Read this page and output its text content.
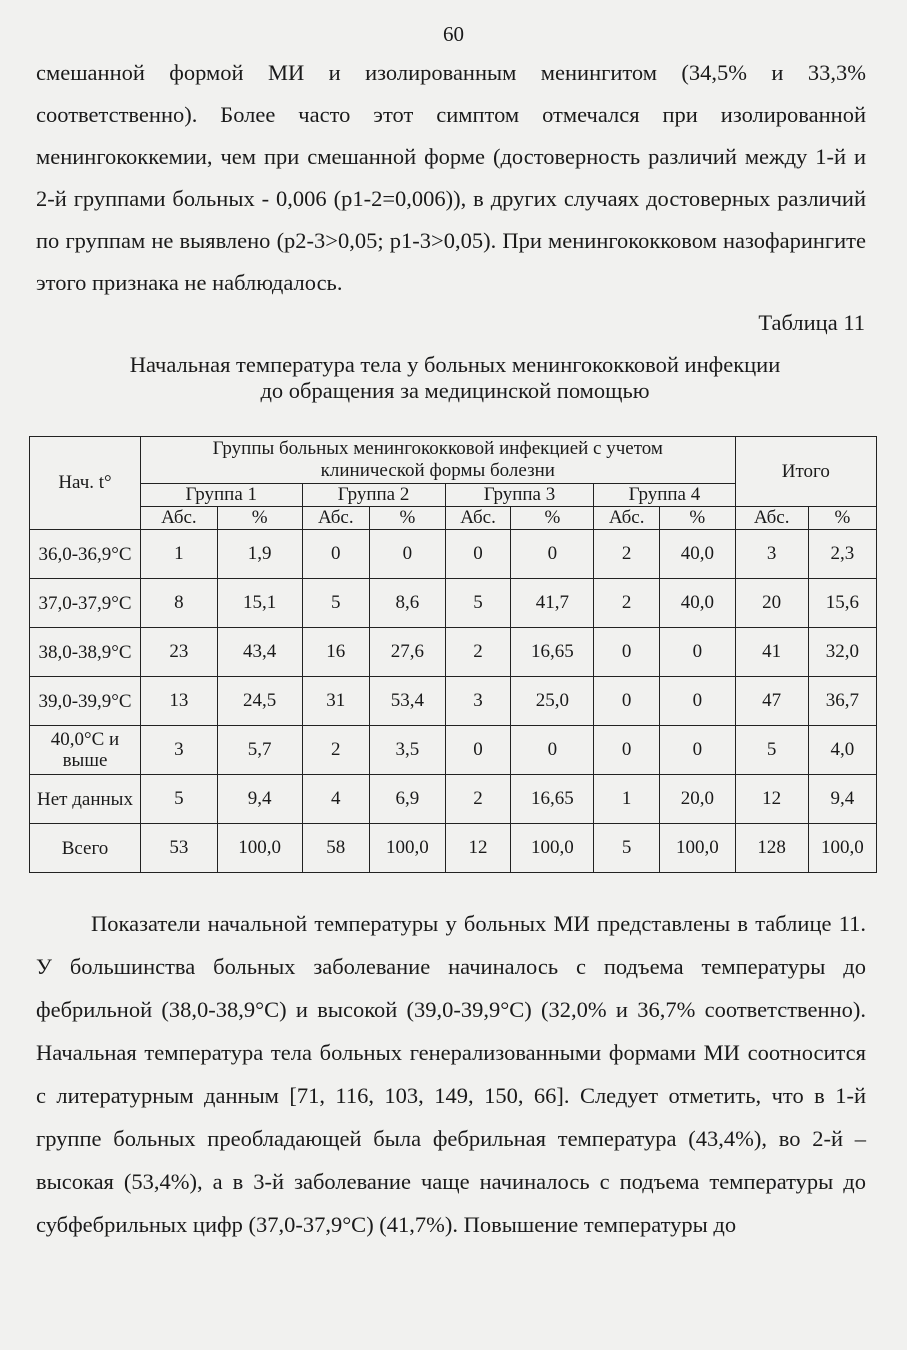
60

смешанной формой МИ и изолированным менингитом (34,5% и 33,3% соответственно). Более часто этот симптом отмечался при изолированной менингококкемии, чем при смешанной форме (достоверность различий между 1-й и 2-й группами больных - 0,006 (p1-2=0,006)), в других случаях достоверных различий по группам не выявлено (p2-3>0,05; p1-3>0,05). При менингококковом назофарингите этого признака не наблюдалось.

Таблица 11
Начальная температура тела у больных менингококковой инфекции
до обращения за медицинской помощью
Нач. t°	Группы больных менингококковой инфекцией с учетом клинической формы болезни								Итого	
	Группа 1		Группа 2		Группа 3		Группа 4			
	Абс.	%	Абс.	%	Абс.	%	Абс.	%	Абс.	%
36,0-36,9°С	1	1,9	0	0	0	0	2	40,0	3	2,3
37,0-37,9°С	8	15,1	5	8,6	5	41,7	2	40,0	20	15,6
38,0-38,9°С	23	43,4	16	27,6	2	16,65	0	0	41	32,0
39,0-39,9°С	13	24,5	31	53,4	3	25,0	0	0	47	36,7
40,0°С и выше	3	5,7	2	3,5	0	0	0	0	5	4,0
Нет данных	5	9,4	4	6,9	2	16,65	1	20,0	12	9,4
Всего	53	100,0	58	100,0	12	100,0	5	100,0	128	100,0

Показатели начальной температуры у больных МИ представлены в таблице 11. У большинства больных заболевание начиналось с подъема температуры до фебрильной (38,0-38,9°С) и высокой (39,0-39,9°С) (32,0% и 36,7% соответственно). Начальная температура тела больных генерализованными формами МИ соотносится с литературным данным [71, 116, 103, 149, 150, 66]. Следует отметить, что в 1-й группе больных преобладающей была фебрильная температура (43,4%), во 2-й – высокая (53,4%), а в 3-й заболевание чаще начиналось с подъема температуры до субфебрильных цифр (37,0-37,9°С) (41,7%). Повышение температуры до
